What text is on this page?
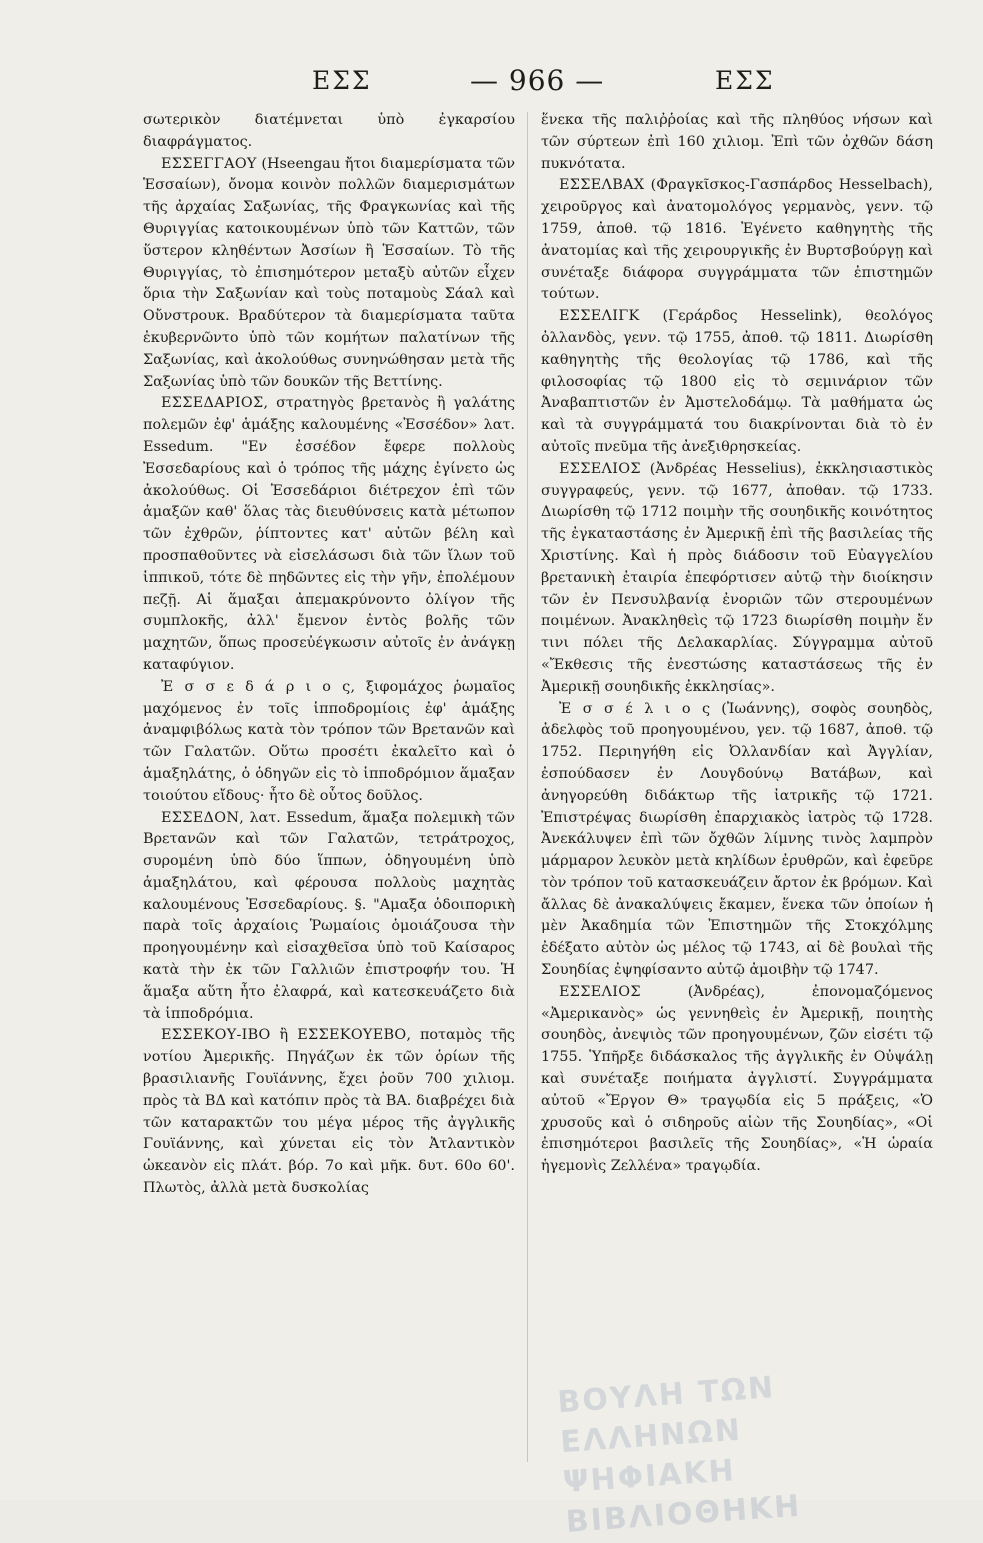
ΕΣΣ	— 966 —	ΕΣΣ

σωτερικὸν διατέμνεται ὑπὸ ἐγκαρσίου διαφράγματος.

ΕΣΣΕΓΓΑΟΥ (Hseengau ἤτοι διαμερίσματα τῶν Ἑσσαίων), ὄνομα κοινὸν πολλῶν διαμερισμάτων τῆς ἀρχαίας Σαξωνίας, τῆς Φραγκωνίας καὶ τῆς Θυριγγίας κατοικουμένων ὑπὸ τῶν Καττῶν, τῶν ὕστερον κληθέντων Ἀσσίων ἢ Ἑσσαίων. Τὸ τῆς Θυριγγίας, τὸ ἐπισημότερον μεταξὺ αὐτῶν εἶχεν ὅρια τὴν Σαξωνίαν καὶ τοὺς ποταμοὺς Σάαλ καὶ Οὔνστρουκ. Βραδύτερον τὰ διαμερίσματα ταῦτα ἐκυβερνῶντο ὑπὸ τῶν κομήτων παλατίνων τῆς Σαξωνίας, καὶ ἀκολούθως συνηνώθησαν μετὰ τῆς Σαξωνίας ὑπὸ τῶν δουκῶν τῆς Βεττίνης.

ΕΣΣΕΔΑΡΙΟΣ, στρατηγὸς βρετανὸς ἢ γαλάτης πολεμῶν ἐφ' ἁμάξης καλουμένης «Ἐσσέδον» λατ. Essedum. "Εν ἐσσέδον ἔφερε πολλοὺς Ἐσσεδαρίους καὶ ὁ τρόπος τῆς μάχης ἐγίνετο ὡς ἀκολούθως. Οἱ Ἐσσεδάριοι διέτρεχον ἐπὶ τῶν ἁμαξῶν καθ' ὅλας τὰς διευθύνσεις κατὰ μέτωπον τῶν ἐχθρῶν, ῥίπτοντες κατ' αὐτῶν βέλη καὶ προσπαθοῦντες νὰ εἰσελάσωσι διὰ τῶν ἴλων τοῦ ἱππικοῦ, τότε δὲ πηδῶντες εἰς τὴν γῆν, ἐπολέμουν πεζῇ. Αἱ ἅμαξαι ἀπεμακρύνοντο ὀλίγον τῆς συμπλοκῆς, ἀλλ' ἔμενον ἐντὸς βολῆς τῶν μαχητῶν, ὅπως προσεὐέγκωσιν αὐτοῖς ἐν ἀνάγκῃ καταφύγιον.

Ἐ σ σ ε δ ά ρ ι ο ς, ξιφομάχος ῥωμαῖος μαχόμενος ἐν τοῖς ἱπποδρομίοις ἐφ' ἁμάξης ἀναμφιβόλως κατὰ τὸν τρόπον τῶν Βρετανῶν καὶ τῶν Γαλατῶν. Οὕτω προσέτι ἐκαλεῖτο καὶ ὁ ἁμαξηλάτης, ὁ ὁδηγῶν εἰς τὸ ἱπποδρόμιον ἅμαξαν τοιούτου εἴδους· ἦτο δὲ οὗτος δοῦλος.

ΕΣΣΕΔΟΝ, λατ. Essedum, ἅμαξα πολεμικὴ τῶν Βρετανῶν καὶ τῶν Γαλατῶν, τετράτροχος, συρομένη ὑπὸ δύο ἵππων, ὁδηγουμένη ὑπὸ ἁμαξηλάτου, καὶ φέρουσα πολλοὺς μαχητὰς καλουμένους Ἐσσεδαρίους. §. "Αμαξα ὁδοιπορικὴ παρὰ τοῖς ἀρχαίοις Ῥωμαίοις ὁμοιάζουσα τὴν προηγουμένην καὶ εἰσαχθεῖσα ὑπὸ τοῦ Καίσαρος κατὰ τὴν ἐκ τῶν Γαλλιῶν ἐπιστροφήν του. Ἡ ἅμαξα αὕτη ἦτο ἐλαφρά, καὶ κατεσκευάζετο διὰ τὰ ἱπποδρόμια.

ΕΣΣΕΚΟΥ-ΙΒΟ ἢ ΕΣΣΕΚΟΥΕΒΟ, ποταμὸς τῆς νοτίου Ἀμερικῆς. Πηγάζων ἐκ τῶν ὁρίων τῆς βρασιλιανῆς Γουϊάννης, ἔχει ῥοῦν 700 χιλιομ. πρὸς τὰ ΒΔ καὶ κατόπιν πρὸς τὰ ΒΑ. διαβρέχει διὰ τῶν καταρακτῶν του μέγα μέρος τῆς ἀγγλικῆς Γουϊάννης, καὶ χύνεται εἰς τὸν Ἀτλαντικὸν ὠκεανὸν εἰς πλάτ. βόρ. 7ο καὶ μῆκ. δυτ. 60ο 60'. Πλωτὸς, ἀλλὰ μετὰ δυσκολίας

ἕνεκα τῆς παλιῤῥοίας καὶ τῆς πληθύος νήσων καὶ τῶν σύρτεων ἐπὶ 160 χιλιομ. Ἐπὶ τῶν ὀχθῶν δάση πυκνότατα.

ΕΣΣΕΛΒΑΧ (Φραγκῖσκος-Γασπάρδος Hesselbach), χειροῦργος καὶ ἀνατομολόγος γερμανὸς, γενν. τῷ 1759, ἀποθ. τῷ 1816. Ἐγένετο καθηγητὴς τῆς ἀνατομίας καὶ τῆς χειρουργικῆς ἐν Βυρτσβούργῃ καὶ συνέταξε διάφορα συγγράμματα τῶν ἐπιστημῶν τούτων.

ΕΣΣΕΛΙΓΚ (Γεράρδος Hesselink), θεολόγος ὀλλανδὸς, γενν. τῷ 1755, ἀποθ. τῷ 1811. Διωρίσθη καθηγητὴς τῆς θεολογίας τῷ 1786, καὶ τῆς φιλοσοφίας τῷ 1800 εἰς τὸ σεμινάριον τῶν Ἀναβαπτιστῶν ἐν Ἀμστελοδάμῳ. Τὰ μαθήματα ὡς καὶ τὰ συγγράμματά του διακρίνονται διὰ τὸ ἐν αὐτοῖς πνεῦμα τῆς ἀνεξιθρησκείας.

ΕΣΣΕΛΙΟΣ (Ἀνδρέας Hesselius), ἐκκλησιαστικὸς συγγραφεύς, γενν. τῷ 1677, ἀποθαν. τῷ 1733. Διωρίσθη τῷ 1712 ποιμὴν τῆς σουηδικῆς κοινότητος τῆς ἐγκαταστάσης ἐν Ἀμερικῇ ἐπὶ τῆς βασιλείας τῆς Χριστίνης. Καὶ ἡ πρὸς διάδοσιν τοῦ Εὐαγγελίου βρετανικὴ ἑταιρία ἐπεφόρτισεν αὐτῷ τὴν διοίκησιν τῶν ἐν Πενσυλβανίᾳ ἐνοριῶν τῶν στερουμένων ποιμένων. Ἀνακληθεὶς τῷ 1723 διωρίσθη ποιμὴν ἔν τινι πόλει τῆς Δελακαρλίας. Σύγγραμμα αὐτοῦ «Ἔκθεσις τῆς ἐνεστώσης καταστάσεως τῆς ἐν Ἀμερικῇ σουηδικῆς ἐκκλησίας».

Ἐ σ σ έ λ ι ο ς (Ἰωάννης), σοφὸς σουηδὸς, ἀδελφὸς τοῦ προηγουμένου, γεν. τῷ 1687, ἀποθ. τῷ 1752. Περιηγήθη εἰς Ὀλλανδίαν καὶ Ἀγγλίαν, ἐσπούδασεν ἐν Λουγδούνῳ Βατάβων, καὶ ἀνηγορεύθη διδάκτωρ τῆς ἰατρικῆς τῷ 1721. Ἐπιστρέψας διωρίσθη ἐπαρχιακὸς ἰατρὸς τῷ 1728. Ἀνεκάλυψεν ἐπὶ τῶν ὄχθῶν λίμνης τινὸς λαμπρὸν μάρμαρον λευκὸν μετὰ κηλίδων ἐρυθρῶν, καὶ ἐφεῦρε τὸν τρόπον τοῦ κατασκευάζειν ἄρτον ἐκ βρόμων. Καὶ ἄλλας δὲ ἀνακαλύψεις ἔκαμεν, ἕνεκα τῶν ὁποίων ἡ μὲν Ἀκαδημία τῶν Ἐπιστημῶν τῆς Στοκχόλμης ἐδέξατο αὐτὸν ὡς μέλος τῷ 1743, αἱ δὲ βουλαὶ τῆς Σουηδίας ἐψηφίσαντο αὐτῷ ἀμοιβὴν τῷ 1747.

ΕΣΣΕΛΙΟΣ	(Ἀνδρέας), ἐπονομαζόμενος «Ἀμερικανὸς» ὡς γεννηθεὶς ἐν Ἀμερικῇ, ποιητὴς σουηδὸς, ἀνεψιὸς τῶν προηγουμένων, ζῶν εἰσέτι τῷ 1755. Ὑπῆρξε διδάσκαλος τῆς ἀγγλικῆς ἐν Οὐψάλῃ καὶ συνέταξε ποιήματα ἀγγλιστί. Συγγράμματα αὐτοῦ «Ἔργον Θ» τραγῳδία εἰς 5 πράξεις, «Ὁ χρυσοῦς καὶ ὁ σιδηροῦς αἰὼν τῆς Σουηδίας», «Οἱ ἐπισημότεροι βασιλεῖς τῆς Σουηδίας», «Ἡ ὡραία ἡγεμονὶς Ζελλένα» τραγῳδία.

ΒΟΥΛΗ ΤΩΝ ΕΛΛΗΝΩΝ
ΨΗΦΙΑΚΗ ΒΙΒΛΙΟΘΗΚΗ
